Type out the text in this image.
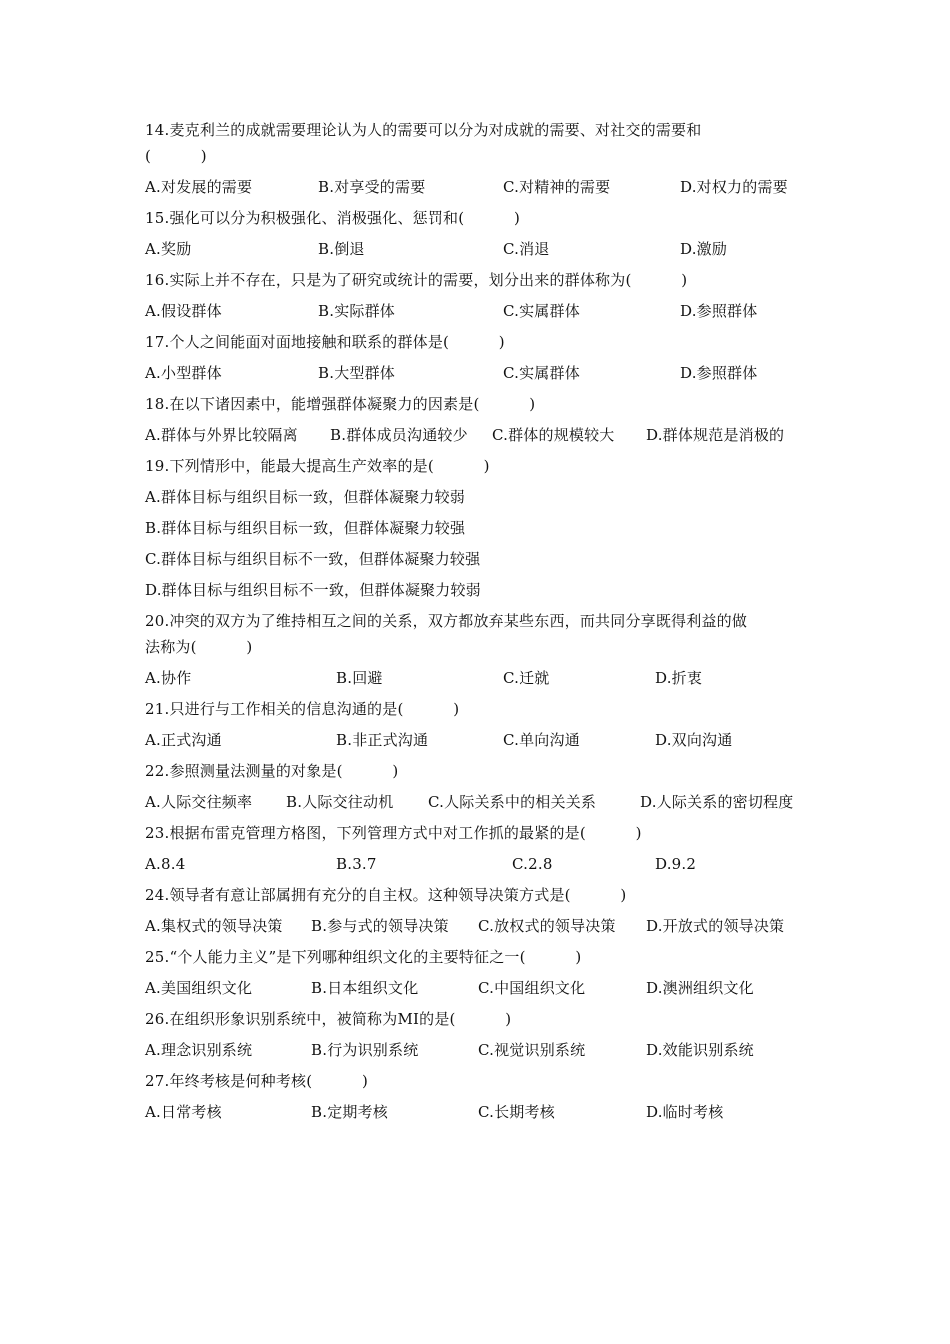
14.麦克利兰的成就需要理论认为人的需要可以分为对成就的需要、对社交的需要和
(          )
A.对发展的需要	B.对享受的需要	C.对精神的需要	D.对权力的需要
15.强化可以分为积极强化、消极强化、惩罚和(          )
A.奖励	B.倒退	C.消退	D.激励
16.实际上并不存在，只是为了研究或统计的需要，划分出来的群体称为(          )
A.假设群体	B.实际群体	C.实属群体	D.参照群体
17.个人之间能面对面地接触和联系的群体是(          )
A.小型群体	B.大型群体	C.实属群体	D.参照群体
18.在以下诸因素中，能增强群体凝聚力的因素是(          )
A.群体与外界比较隔离 B.群体成员沟通较少 C.群体的规模较大 D.群体规范是消极的
19.下列情形中，能最大提高生产效率的是(          )
A.群体目标与组织目标一致，但群体凝聚力较弱
B.群体目标与组织目标一致，但群体凝聚力较强
C.群体目标与组织目标不一致，但群体凝聚力较强
D.群体目标与组织目标不一致，但群体凝聚力较弱
20.冲突的双方为了维持相互之间的关系，双方都放弃某些东西，而共同分享既得利益的做
法称为(          )
A.协作	B.回避	C.迁就	D.折衷
21.只进行与工作相关的信息沟通的是(          )
A.正式沟通	B.非正式沟通	C.单向沟通	D.双向沟通
22.参照测量法测量的对象是(          )
A.人际交往频率 B.人际交往动机 C.人际关系中的相关关系	D.人际关系的密切程度
23.根据布雷克管理方格图，下列管理方式中对工作抓的最紧的是(          )
A.8.4	B.3.7	C.2.8	D.9.2
24.领导者有意让部属拥有充分的自主权。这种领导决策方式是(          )
A.集权式的领导决策 B.参与式的领导决策 C.放权式的领导决策 D.开放式的领导决策
25.“个人能力主义”是下列哪种组织文化的主要特征之一(          )
A.美国组织文化	B.日本组织文化	C.中国组织文化	D.澳洲组织文化
26.在组织形象识别系统中，被简称为MI的是(          )
A.理念识别系统	B.行为识别系统	C.视觉识别系统	D.效能识别系统
27.年终考核是何种考核(          )
A.日常考核	B.定期考核	C.长期考核	D.临时考核
